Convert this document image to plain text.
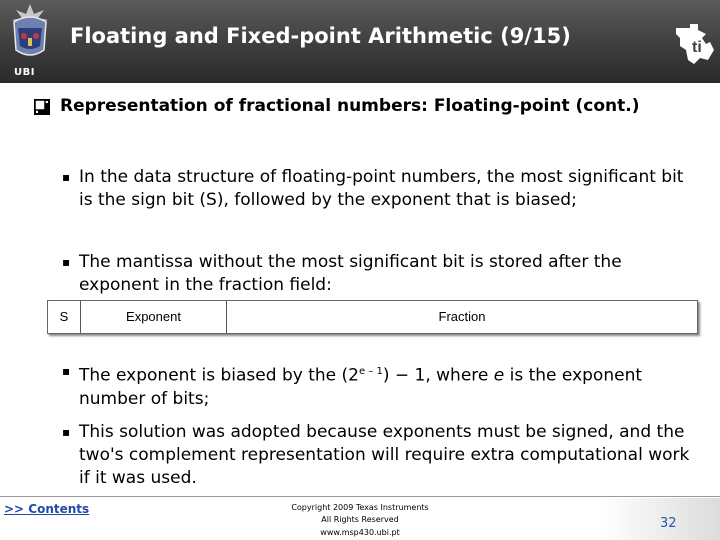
UBI
Floating and Fixed-point Arithmetic (9/15)	ti
Representation of fractional numbers: Floating-point (cont.)
▪ In the data structure of floating-point numbers, the most significant bit is the sign bit (S), followed by the exponent that is biased;
▪ The mantissa without the most significant bit is stored after the exponent in the fraction field:
S	Exponent	Fraction
▪ The exponent is biased by the $(2^{e - 1}) - 1$, where e is the exponent number of bits;
▪ This solution was adopted because exponents must be signed, and the two's complement representation will require extra computational work if it was used.
>> Contents	Copyright 2009 Texas Instruments
All Rights Reserved
www.msp430.ubi.pt
32
